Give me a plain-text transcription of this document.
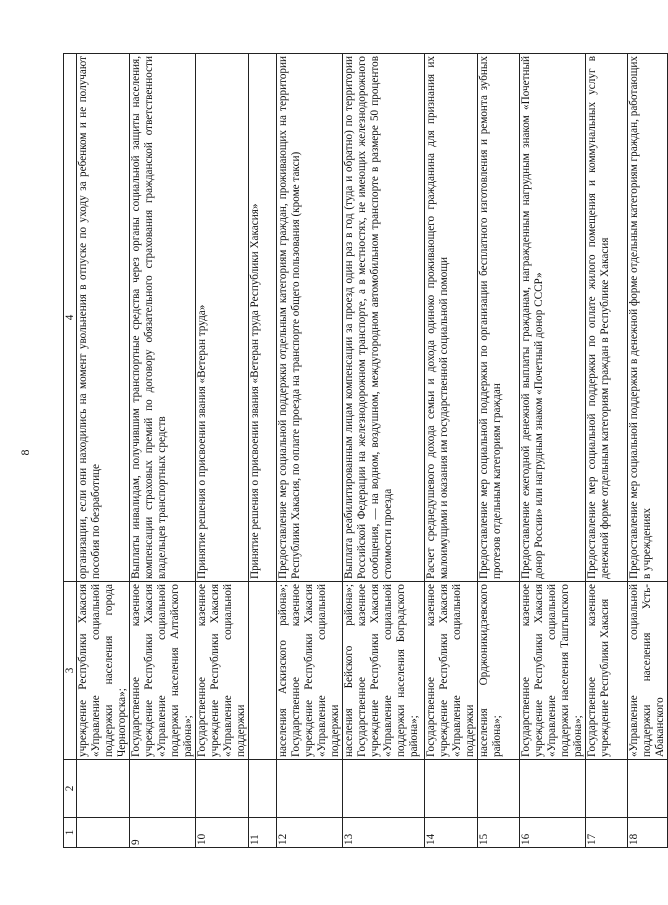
8
1	2	3	4
		учреждение Республики Хакасия «Управление социальной поддержки населения города Черногорска»;	организации, если они находились на момент увольнения в отпуске по уходу за ребенком и не получают пособия по безработице
9		Государственное казенное учреждение Республики Хакасия «Управление социальной поддержки населения Алтайского района»;	Выплаты инвалидам, получившим транспортные средства через органы социальной защиты населения, компенсации страховых премий по договору обязательного страхования гражданской ответственности владельцев транспортных средств
10		Государственное казенное учреждение Республики Хакасия «Управление социальной поддержки	Принятие решения о присвоении звания «Ветеран труда»
11			Принятие решения о присвоении звания «Ветеран труда Республики Хакасия»
12		населения Аскизского района»; Государственное казенное учреждение Республики Хакасия «Управление социальной поддержки	Предоставление мер социальной поддержки отдельным категориям граждан, проживающих на территории Республики Хакасия, по оплате проезда на транспорте общего пользования (кроме такси)
13		населения Бейского района»; Государственное казенное учреждение Республики Хакасия «Управление социальной поддержки населения Боградского района»;	Выплата реабилитированным лицам компенсации за проезд один раз в год (туда и обратно) по территории Российской Федерации на железнодорожном транспорте, а в местностях, не имеющих железнодорожного сообщения, — на водном, воздушном, междугородном автомобильном транспорте в размере 50 процентов стоимости проезда
14		Государственное казенное учреждение Республики Хакасия «Управление социальной поддержки	Расчет среднедушевого дохода семьи и дохода одиноко проживающего гражданина для признания их малоимущими и оказания им государственной социальной помощи
15		населения Орджоникидзевского района»;	Предоставление мер социальной поддержки по организации бесплатного изготовления и ремонта зубных протезов отдельным категориям граждан
16		Государственное казенное учреждение Республики Хакасия «Управление социальной поддержки населения Таштыпского района»;	Предоставление ежегодной денежной выплаты гражданам, награжденным нагрудным знаком «Почетный донор России» или нагрудным знаком «Почетный донор СССР»
17		Государственное казенное учреждение Республики Хакасия	Предоставление мер социальной поддержки по оплате жилого помещения и коммунальных услуг в денежной форме отдельным категориям граждан в Республике Хакасия
18		«Управление социальной поддержки населения Усть-Абаканского	Предоставление мер социальной поддержки в денежной форме отдельным категориям граждан, работающих в учреждениях
